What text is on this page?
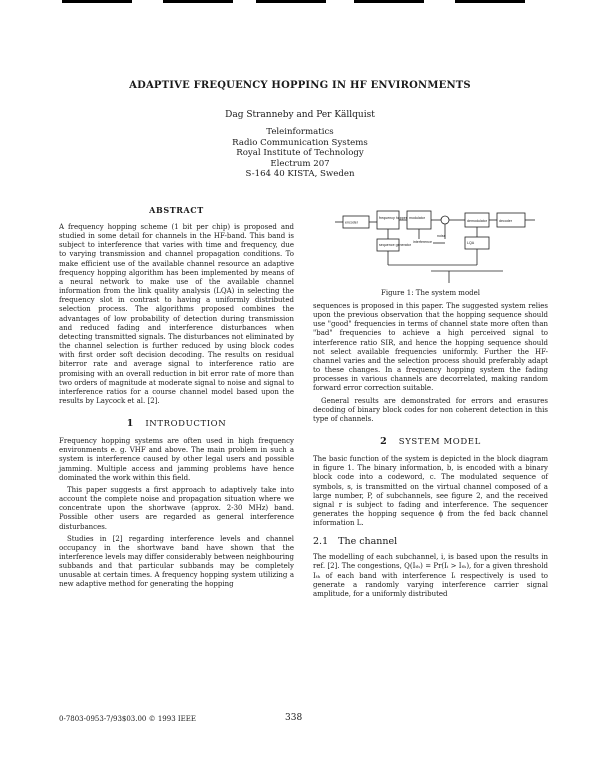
ADAPTIVE FREQUENCY HOPPING IN HF ENVIRONMENTS
Dag Stranneby and Per Källquist
Teleinformatics
Radio Communication Systems
Royal Institute of Technology
Electrum 207
S-164 40 KISTA, Sweden
ABSTRACT

A frequency hopping scheme (1 bit per chip) is proposed and studied in some detail for channels in the HF-band. This band is subject to interference that varies with time and frequency, due to varying transmission and channel propagation conditions. To make efficient use of the available channel resource an adaptive frequency hopping algorithm has been implemented by means of a neural network to make use of the available channel information from the link quality analysis (LQA) in selecting the frequency slot in contrast to having a uniformly distributed selection process. The algorithms proposed combines the advantages of low probability of detection during transmission and reduced fading and interference disturbances when detecting transmitted signals. The disturbances not eliminated by the channel selection is further reduced by using block codes with first order soft decision decoding. The results on residual biterror rate and average signal to interference ratio are promising with an overall reduction in bit error rate of more than two orders of magnitude at moderate signal to noise and signal to interference ratios for a course channel model based upon the results by Laycock et al. [2].

1 INTRODUCTION

Frequency hopping systems are often used in high frequency environments e. g. VHF and above. The main problem in such a system is interference caused by other legal users and possible jamming. Multiple access and jamming problems have hence dominated the work within this field.

This paper suggests a first approach to adaptively take into account the complete noise and propagation situation where we concentrate upon the shortwave (approx. 2-30 MHz) band. Possible other users are regarded as general interference disturbances.

Studies in [2] regarding interference levels and channel occupancy in the shortwave band have shown that the interference levels may differ considerably between neighbouring subbands and that particular subbands may be completely unusable at certain times. A frequency hopping system utilizing a new adaptive method for generating the hopping

encoder
frequency hopper modulator
demodulator	decoder
sequence generator	LQA
noise
interference
Figure 1: The system model

sequences is proposed in this paper. The suggested system relies upon the previous observation that the hopping sequence should use "good" frequencies in terms of channel state more often than "bad" frequencies to achieve a high perceived signal to interference ratio SIR, and hence the hopping sequence should not select available frequencies uniformly. Further the HF-channel varies and the selection process should preferably adapt to these changes. In a frequency hopping system the fading processes in various channels are decorrelated, making random forward error correction suitable.

General results are demonstrated for errors and erasures decoding of binary block codes for non coherent detection in this type of channels.

2 SYSTEM MODEL

The basic function of the system is depicted in the block diagram in figure 1. The binary information, b, is encoded with a binary block code into a codeword, c. The modulated sequence of symbols, s, is transmitted on the virtual channel composed of a large number, P, of subchannels, see figure 2, and the received signal r is subject to fading and interference. The sequencer generates the hopping sequence ϕ from the fed back channel information L.

2.1 The channel

The modelling of each subchannel, i, is based upon the results in ref. [2]. The congestions, Q(Iₜₕ) = Pr(Iᵢ > Iₜₕ), for a given threshold Iₜₕ of each band with interference Iᵢ respectively is used to generate a randomly varying interference carrier signal amplitude, for a uniformly distributed

0-7803-0953-7/93$03.00 © 1993 IEEE	338
